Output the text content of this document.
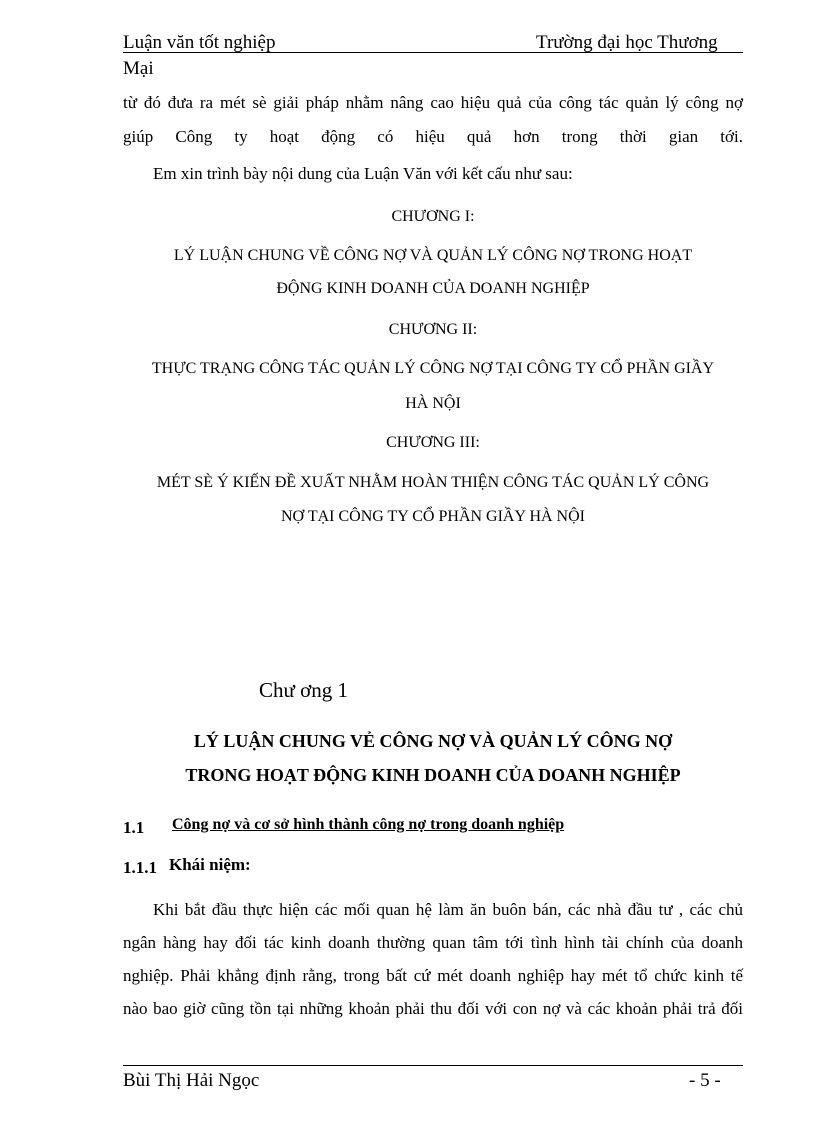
Luận văn tốt nghiệp	Trường đại học Thương
Mại
từ đó đưa ra mét sè giải pháp nhằm nâng cao hiệu quả của công tác quản lý công nợ
giúp Công ty hoạt động có hiệu quả hơn trong thời gian tới.
Em xin trình bày nội dung của Luận Văn với kết cấu như sau:
CHƯƠNG I:
LÝ LUẬN CHUNG VỀ CÔNG NỢ VÀ QUẢN LÝ CÔNG NỢ TRONG HOẠT
ĐỘNG KINH DOANH CỦA DOANH NGHIỆP
CHƯƠNG II:
THỰC TRẠNG CÔNG TÁC QUẢN LÝ CÔNG NỢ TẠI CÔNG TY CỔ PHẦN GIẦY
HÀ NỘI
CHƯƠNG III:
MÉT SÈ Ý KIẾN ĐỀ XUẤT NHẰM HOÀN THIỆN CÔNG TÁC QUẢN LÝ CÔNG
NỢ TẠI CÔNG TY CỔ PHẦN GIẦY HÀ NỘI
Chư ơng 1
LÝ LUẬN CHUNG VẺ CÔNG NỢ VÀ QUẢN LÝ CÔNG NỢ
TRONG HOẠT ĐỘNG KINH DOANH CỦA DOANH NGHIỆP
1.1 Công nợ và cơ sở hình thành công nợ trong doanh nghiệp
1.1.1 Khái niệm:
Khi bắt đầu thực hiện các mối quan hệ làm ăn buôn bán, các nhà đầu tư , các chủ
ngân hàng hay đối tác kinh doanh thường quan tâm tới tình hình tài chính của doanh
nghiệp. Phải khẳng định rằng, trong bất cứ mét doanh nghiệp hay mét tổ chức kinh tế
nào bao giờ cũng tồn tại những khoản phải thu đối với con nợ và các khoản phải trả đối
Bùi Thị Hải Ngọc	- 5 -
